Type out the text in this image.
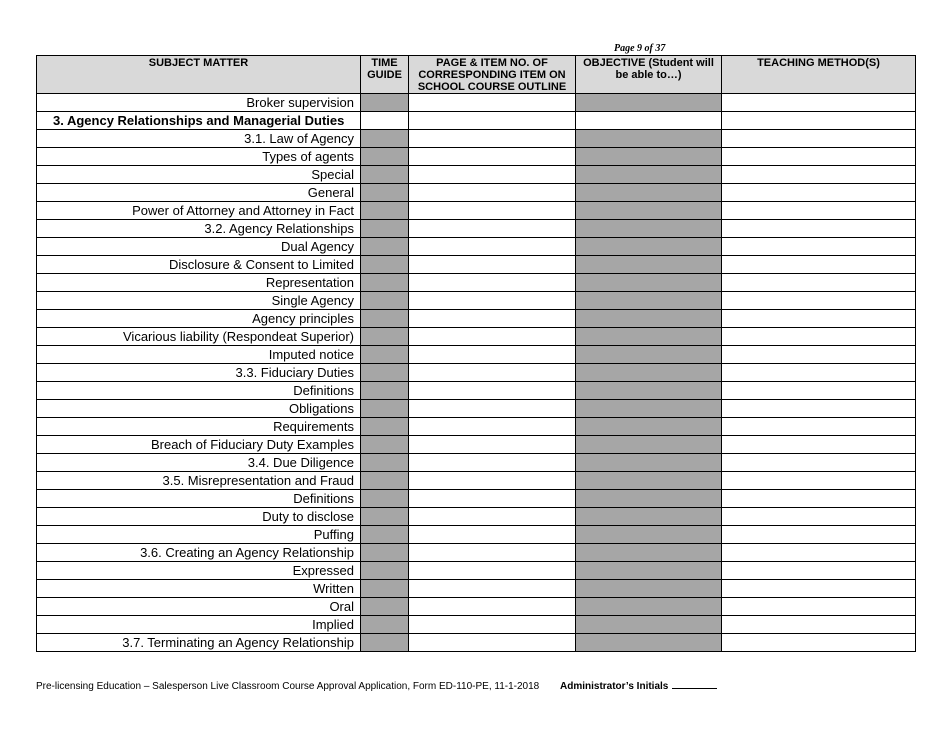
Page 9 of 37
SUBJECT MATTER	TIME GUIDE	PAGE & ITEM NO. OF CORRESPONDING ITEM ON SCHOOL COURSE OUTLINE	OBJECTIVE (Student will be able to…)	TEACHING METHOD(S)
Broker supervision				
3. Agency Relationships and Managerial Duties				
3.1. Law of Agency				
Types of agents				
Special				
General				
Power of Attorney and Attorney in Fact				
3.2. Agency Relationships				
Dual Agency				
Disclosure & Consent to Limited				
Representation				
Single Agency				
Agency principles				
Vicarious liability (Respondeat Superior)				
Imputed notice				
3.3. Fiduciary Duties				
Definitions				
Obligations				
Requirements				
Breach of Fiduciary Duty Examples				
3.4. Due Diligence				
3.5. Misrepresentation and Fraud				
Definitions				
Duty to disclose				
Puffing				
3.6. Creating an Agency Relationship				
Expressed				
Written				
Oral				
Implied				
3.7. Terminating an Agency Relationship				
Pre-licensing Education – Salesperson Live Classroom Course Approval Application, Form ED-110-PE, 11-1-2018 Administrator’s Initials
